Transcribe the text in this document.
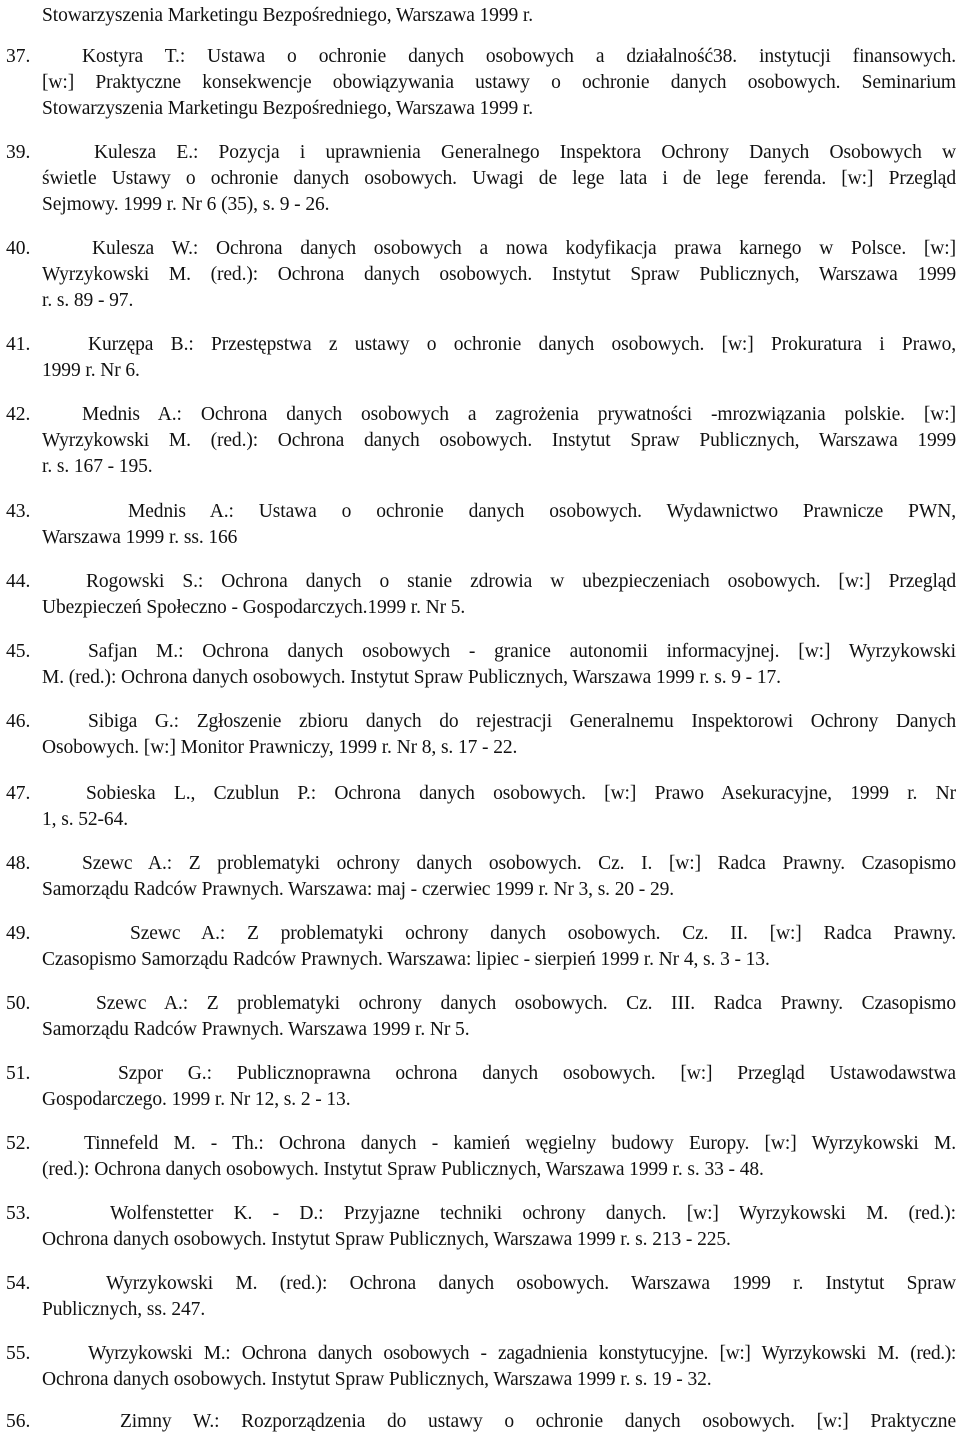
Stowarzyszenia Marketingu Bezpośredniego, Warszawa 1999 r.
37.	Kostyra T.: Ustawa o ochronie danych osobowych a działalność38. instytucji finansowych.
[w:] Praktyczne konsekwencje obowiązywania ustawy o ochronie danych osobowych. Seminarium
Stowarzyszenia Marketingu Bezpośredniego, Warszawa 1999 r.
39.	Kulesza E.: Pozycja i uprawnienia Generalnego Inspektora Ochrony Danych Osobowych w
świetle Ustawy o ochronie danych osobowych. Uwagi de lege lata i de lege ferenda. [w:] Przegląd
Sejmowy. 1999 r. Nr 6 (35), s. 9 - 26.
40.	Kulesza W.: Ochrona danych osobowych a nowa kodyfikacja prawa karnego w Polsce. [w:]
Wyrzykowski M. (red.): Ochrona danych osobowych. Instytut Spraw Publicznych, Warszawa 1999
r. s. 89 - 97.
41.	Kurzępa B.: Przestępstwa z ustawy o ochronie danych osobowych. [w:] Prokuratura i Prawo,
1999 r. Nr 6.
42.	Mednis A.: Ochrona danych osobowych a zagrożenia prywatności -mrozwiązania polskie. [w:]
Wyrzykowski M. (red.): Ochrona danych osobowych. Instytut Spraw Publicznych, Warszawa 1999
r. s. 167 - 195.
43.	Mednis A.: Ustawa o ochronie danych osobowych. Wydawnictwo Prawnicze PWN,
Warszawa 1999 r. ss. 166
44.	Rogowski S.: Ochrona danych o stanie zdrowia w ubezpieczeniach osobowych. [w:] Przegląd
Ubezpieczeń Społeczno - Gospodarczych.1999 r. Nr 5.
45.	Safjan M.: Ochrona danych osobowych - granice autonomii informacyjnej. [w:] Wyrzykowski
M. (red.): Ochrona danych osobowych. Instytut Spraw Publicznych, Warszawa 1999 r. s. 9 - 17.
46.	Sibiga G.: Zgłoszenie zbioru danych do rejestracji Generalnemu Inspektorowi Ochrony Danych
Osobowych. [w:] Monitor Prawniczy, 1999 r. Nr 8, s. 17 - 22.
47.	Sobieska L., Czublun P.: Ochrona danych osobowych. [w:] Prawo Asekuracyjne, 1999 r. Nr
1, s. 52-64.
48.	Szewc A.: Z problematyki ochrony danych osobowych. Cz. I. [w:] Radca Prawny. Czasopismo
Samorządu Radców Prawnych. Warszawa: maj - czerwiec 1999 r. Nr 3, s. 20 - 29.
49.	Szewc A.: Z problematyki ochrony danych osobowych. Cz. II. [w:] Radca Prawny.
Czasopismo Samorządu Radców Prawnych. Warszawa: lipiec - sierpień 1999 r. Nr 4, s. 3 - 13.
50.	Szewc A.: Z problematyki ochrony danych osobowych. Cz. III. Radca Prawny. Czasopismo
Samorządu Radców Prawnych. Warszawa 1999 r. Nr 5.
51.	Szpor G.: Publicznoprawna ochrona danych osobowych. [w:] Przegląd Ustawodawstwa
Gospodarczego. 1999 r. Nr 12, s. 2 - 13.
52.	Tinnefeld M. - Th.: Ochrona danych - kamień węgielny budowy Europy. [w:] Wyrzykowski M.
(red.): Ochrona danych osobowych. Instytut Spraw Publicznych, Warszawa 1999 r. s. 33 - 48.
53.	Wolfenstetter K. - D.: Przyjazne techniki ochrony danych. [w:] Wyrzykowski M. (red.):
Ochrona danych osobowych. Instytut Spraw Publicznych, Warszawa 1999 r. s. 213 - 225.
54.	Wyrzykowski M. (red.): Ochrona danych osobowych. Warszawa 1999 r. Instytut Spraw
Publicznych, ss. 247.
55.	Wyrzykowski M.: Ochrona danych osobowych - zagadnienia konstytucyjne. [w:] Wyrzykowski M. (red.):
Ochrona danych osobowych. Instytut Spraw Publicznych, Warszawa 1999 r. s. 19 - 32.
56.	Zimny W.: Rozporządzenia do ustawy o ochronie danych osobowych. [w:] Praktyczne
